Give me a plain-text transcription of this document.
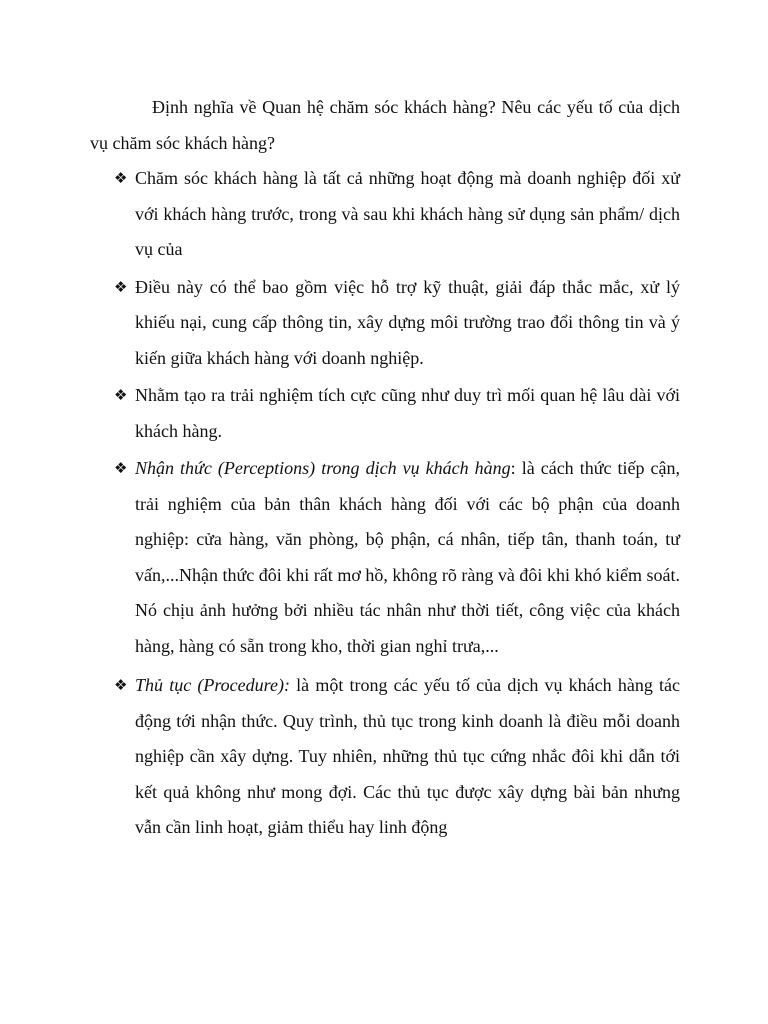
Định nghĩa về Quan hệ chăm sóc khách hàng? Nêu các yếu tố của dịch vụ chăm sóc khách hàng?

❖ Chăm sóc khách hàng là tất cả những hoạt động mà doanh nghiệp đối xử với khách hàng trước, trong và sau khi khách hàng sử dụng sản phẩm/ dịch vụ của
❖ Điều này có thể bao gồm việc hỗ trợ kỹ thuật, giải đáp thắc mắc, xử lý khiếu nại, cung cấp thông tin, xây dựng môi trường trao đổi thông tin và ý kiến giữa khách hàng với doanh nghiệp.
❖ Nhằm tạo ra trải nghiệm tích cực cũng như duy trì mối quan hệ lâu dài với khách hàng.
❖ Nhận thức (Perceptions) trong dịch vụ khách hàng: là cách thức tiếp cận, trải nghiệm của bản thân khách hàng đối với các bộ phận của doanh nghiệp: cửa hàng, văn phòng, bộ phận, cá nhân, tiếp tân, thanh toán, tư vấn,...Nhận thức đôi khi rất mơ hồ, không rõ ràng và đôi khi khó kiểm soát. Nó chịu ảnh hưởng bởi nhiều tác nhân như thời tiết, công việc của khách hàng, hàng có sẵn trong kho, thời gian nghỉ trưa,...
❖ Thủ tục (Procedure): là một trong các yếu tố của dịch vụ khách hàng tác động tới nhận thức. Quy trình, thủ tục trong kinh doanh là điều mỗi doanh nghiệp cần xây dựng. Tuy nhiên, những thủ tục cứng nhắc đôi khi dẫn tới kết quả không như mong đợi. Các thủ tục được xây dựng bài bản nhưng vẫn cần linh hoạt, giảm thiểu hay linh động
